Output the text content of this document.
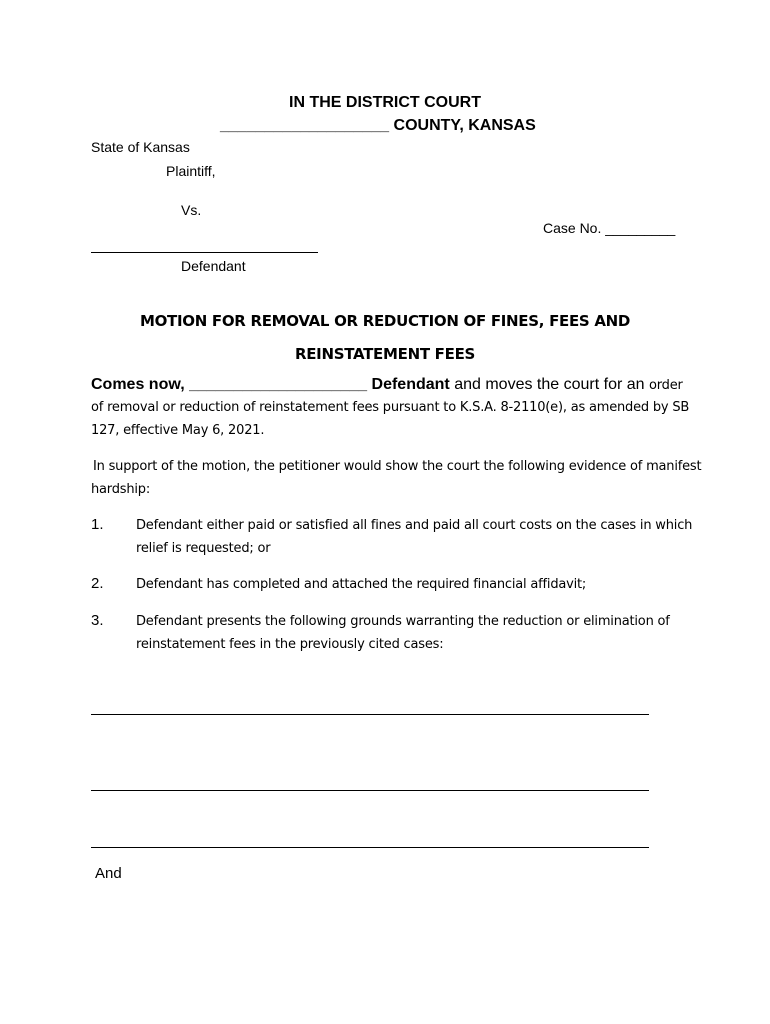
IN THE DISTRICT COURT
___________________ COUNTY, KANSAS
State of Kansas
Plaintiff,
Vs.
Case No. _________
Defendant
MOTION FOR REMOVAL OR REDUCTION OF FINES, FEES AND
REINSTATEMENT FEES
Comes now, ____________________ Defendant and moves the court for an order
of removal or reduction of reinstatement fees pursuant to K.S.A. 8-2110(e), as amended by SB
127, effective May 6, 2021.
In support of the motion, the petitioner would show the court the following evidence of manifest
hardship:
1. Defendant either paid or satisfied all fines and paid all court costs on the cases in which
relief is requested; or
2. Defendant has completed and attached the required financial affidavit;
3. Defendant presents the following grounds warranting the reduction or elimination of
reinstatement fees in the previously cited cases:
And
